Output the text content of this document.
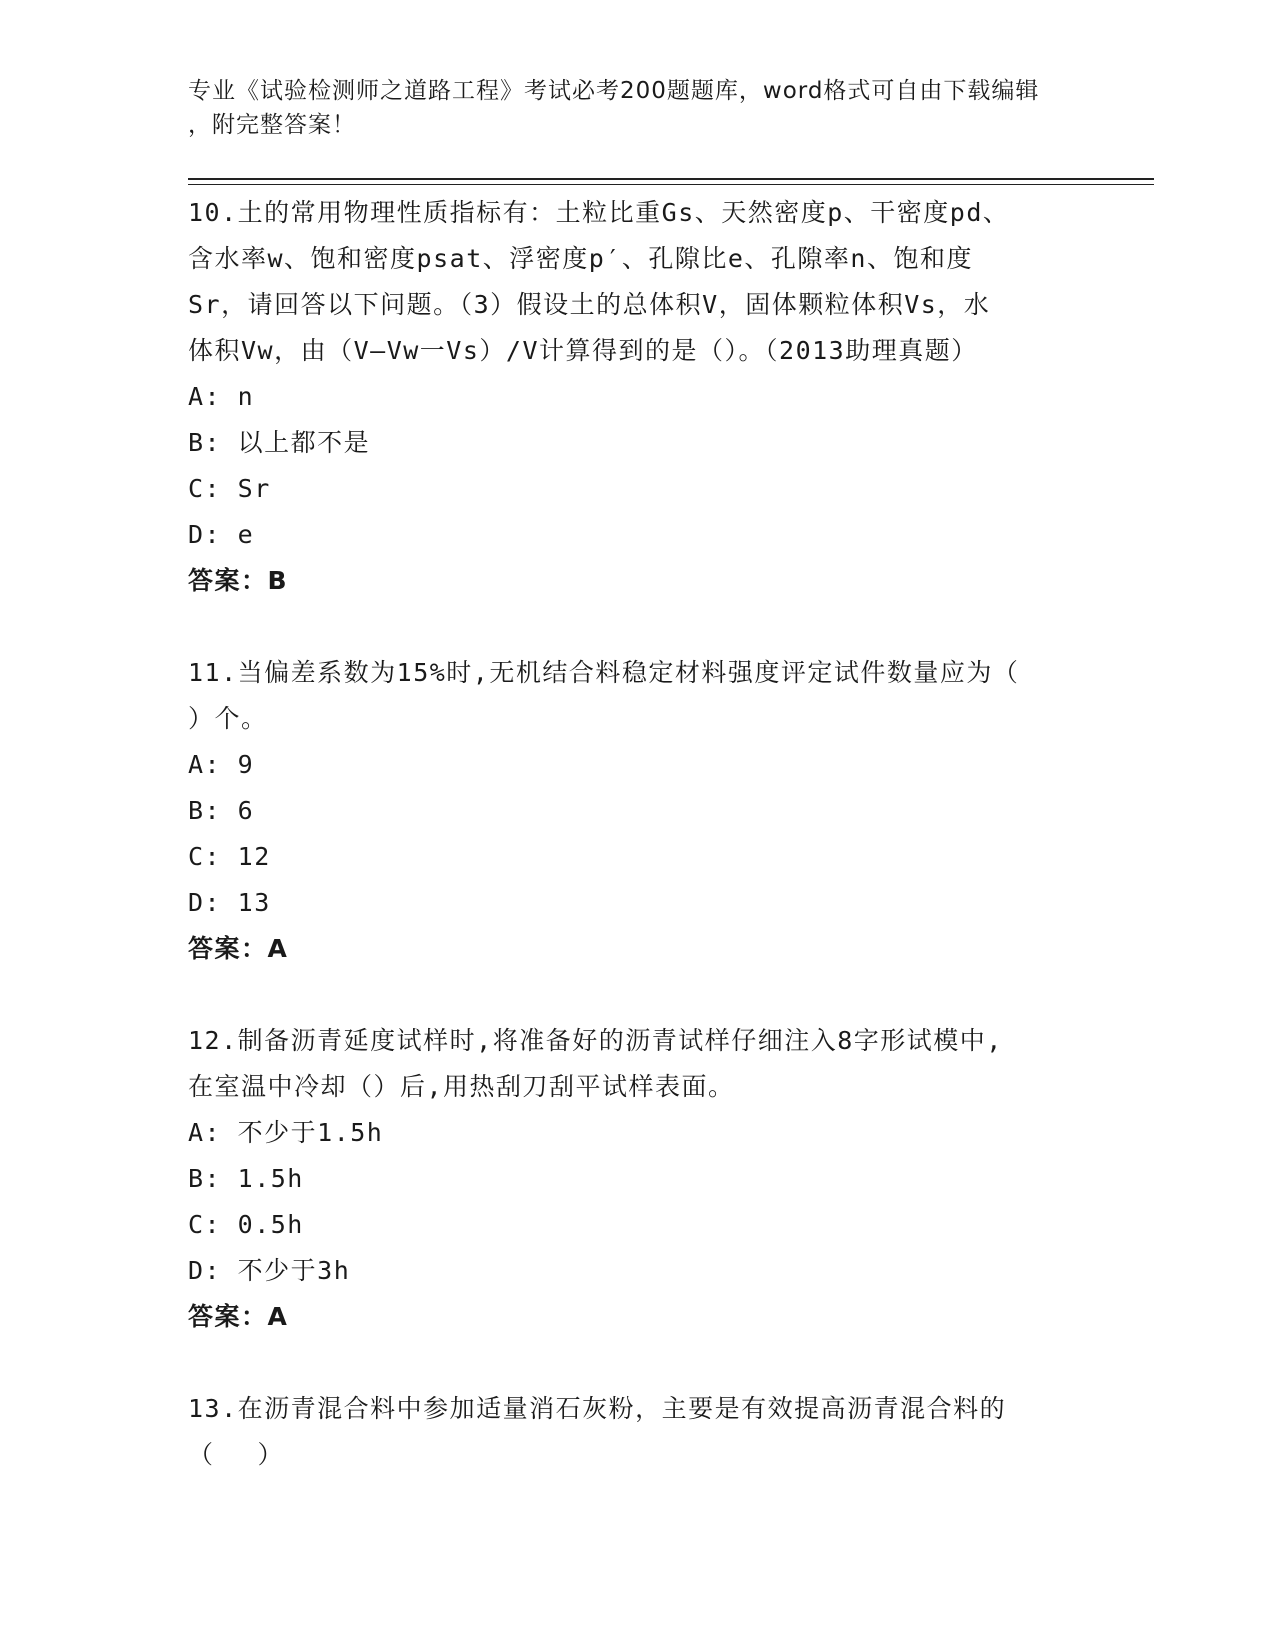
专业《试验检测师之道路工程》考试必考200题题库，word格式可自由下载编辑
，附完整答案！
10.土的常用物理性质指标有：土粒比重Gs、天然密度p、干密度pd、
含水率w、饱和密度psat、浮密度p′、孔隙比e、孔隙率n、饱和度
Sr，请回答以下问题。（3）假设土的总体积V，固体颗粒体积Vs，水
体积Vw，由（V—Vw一Vs）/V计算得到的是（）。（2013助理真题）
A: n
B: 以上都不是
C: Sr
D: e
答案：B
11.当偏差系数为15%时,无机结合料稳定材料强度评定试件数量应为（
）个。
A: 9
B: 6
C: 12
D: 13
答案：A
12.制备沥青延度试样时,将准备好的沥青试样仔细注入8字形试模中,
在室温中冷却（）后,用热刮刀刮平试样表面。
A: 不少于1.5h
B: 1.5h
C: 0.5h
D: 不少于3h
答案：A
13.在沥青混合料中参加适量消石灰粉，主要是有效提高沥青混合料的
（　 ）
